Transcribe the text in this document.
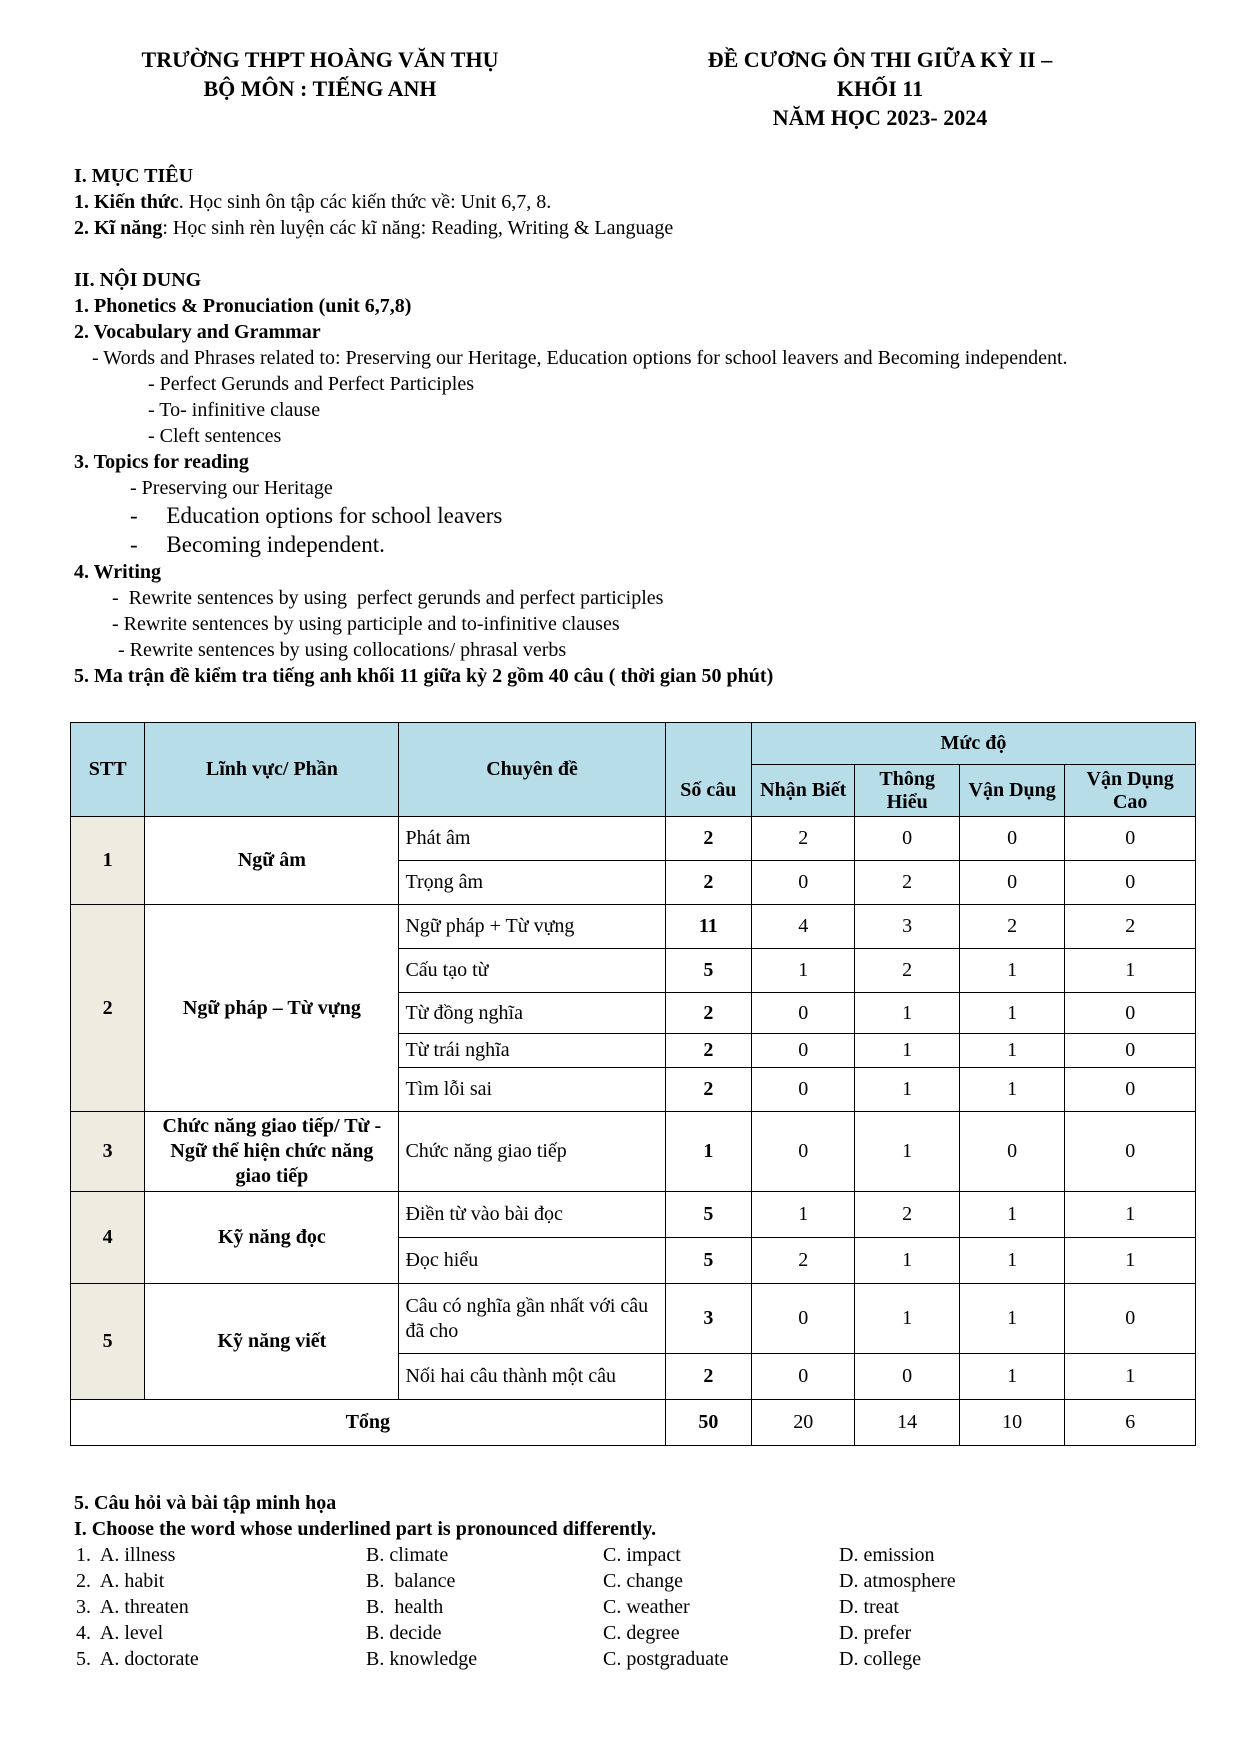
TRƯỜNG THPT HOÀNG VĂN THỤ
BỘ MÔN : TIẾNG ANH
ĐỀ CƯƠNG ÔN THI GIỮA KỲ II –
KHỐI 11
NĂM HỌC 2023- 2024
I. MỤC TIÊU
1. Kiến thức. Học sinh ôn tập các kiến thức về: Unit 6,7, 8.
2. Kĩ năng: Học sinh rèn luyện các kĩ năng: Reading, Writing & Language
II. NỘI DUNG
1. Phonetics & Pronuciation (unit 6,7,8)
2. Vocabulary and Grammar
- Words and Phrases related to: Preserving our Heritage, Education options for school leavers and Becoming independent.
- Perfect Gerunds and Perfect Participles
- To- infinitive clause
- Cleft sentences
3. Topics for reading
- Preserving our Heritage
-     Education options for school leavers
-     Becoming independent.
4. Writing
-  Rewrite sentences by using  perfect gerunds and perfect participles
- Rewrite sentences by using participle and to-infinitive clauses
- Rewrite sentences by using collocations/ phrasal verbs
5. Ma trận đề kiểm tra tiếng anh khối 11 giữa kỳ 2 gồm 40 câu ( thời gian 50 phút)
STT	Lĩnh vực/ Phần	Chuyên đề		Mức độ			
			Số câu	Nhận Biết	Thông Hiểu	Vận Dụng	Vận Dụng Cao
1	Ngữ âm	Phát âm	2	2	0	0	0
		Trọng âm	2	0	2	0	0
2	Ngữ pháp – Từ vựng	Ngữ pháp + Từ vựng	11	4	3	2	2
		Cấu tạo từ	5	1	2	1	1
		Từ đồng nghĩa	2	0	1	1	0
		Từ trái nghĩa	2	0	1	1	0
		Tìm lỗi sai	2	0	1	1	0
3	Chức năng giao tiếp/ Từ - Ngữ thể hiện chức năng giao tiếp	Chức năng giao tiếp	1	0	1	0	0
4	Kỹ năng đọc	Điền từ vào bài đọc	5	1	2	1	1
		Đọc hiểu	5	2	1	1	1
5	Kỹ năng viết	Câu có nghĩa gần nhất với câu đã cho	3	0	1	1	0
		Nối hai câu thành một câu	2	0	0	1	1
Tổng			50	20	14	10	6
5. Câu hỏi và bài tập minh họa
I. Choose the word whose underlined part is pronounced differently.
1. A. illness	B. climate	C. impact	D. emission
2. A. habit	B.  balance	C. change	D. atmosphere
3. A. threaten	B.  health	C. weather	D. treat
4. A. level	B. decide	C. degree	D. prefer
5. A. doctorate	B. knowledge	C. postgraduate	D. college
